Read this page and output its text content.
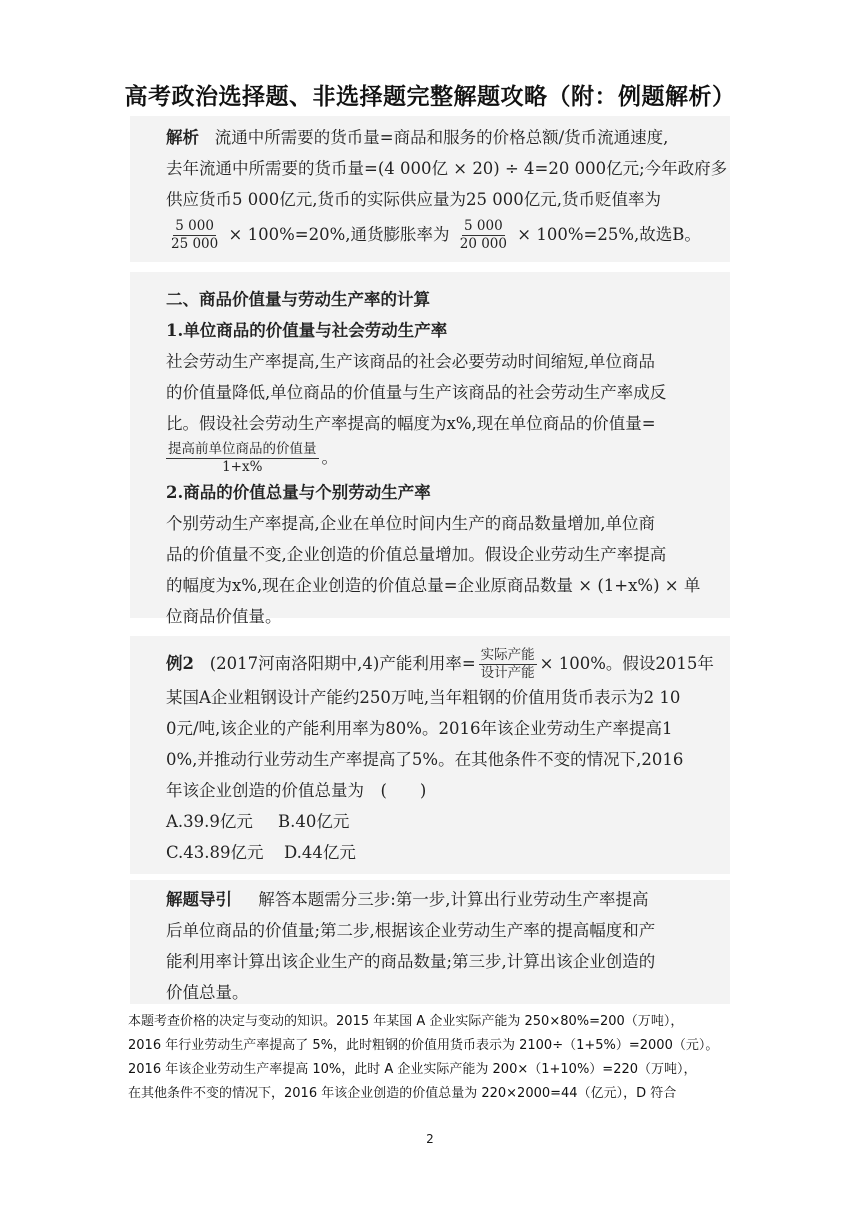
高考政治选择题、非选择题完整解题攻略（附：例题解析）
解析 流通中所需要的货币量=商品和服务的价格总额/货币流通速度,
去年流通中所需要的货币量=(4 000亿 × 20) ÷ 4=20 000亿元;今年政府多
供应货币5 000亿元,货币的实际供应量为25 000亿元,货币贬值率为
$\frac{5 000}{25 000} \times 100\%=20\%$,通货膨胀率为 $\frac{5 000}{20 000} \times 100\%=25\%$,故选B。
二、商品价值量与劳动生产率的计算
1.单位商品的价值量与社会劳动生产率
社会劳动生产率提高,生产该商品的社会必要劳动时间缩短,单位商品
的价值量降低,单位商品的价值量与生产该商品的社会劳动生产率成反
比。假设社会劳动生产率提高的幅度为x%,现在单位商品的价值量=
$\frac{\text{提高前单位商品的价值量}}{1+x\%}$ 。
2.商品的价值总量与个别劳动生产率
个别劳动生产率提高,企业在单位时间内生产的商品数量增加,单位商
品的价值量不变,企业创造的价值总量增加。假设企业劳动生产率提高
的幅度为x%,现在企业创造的价值总量=企业原商品数量 × (1+x%) × 单
位商品价值量。
例2 (2017河南洛阳期中,4)产能利用率= $\frac{\text{实际产能}}{\text{设计产能}} \times 100\%$。假设2015年
某国A企业粗钢设计产能约250万吨,当年粗钢的价值用货币表示为2 10
0元/吨,该企业的产能利用率为80%。2016年该企业劳动生产率提高1
0%,并推动行业劳动生产率提高了5%。在其他条件不变的情况下,2016
年该企业创造的价值总量为　(　　)
A.39.9亿元 B.40亿元
C.43.89亿元 D.44亿元
解题导引 解答本题需分三步:第一步,计算出行业劳动生产率提高
后单位商品的价值量;第二步,根据该企业劳动生产率的提高幅度和产
能利用率计算出该企业生产的商品数量;第三步,计算出该企业创造的
价值总量。
本题考查价格的决定与变动的知识。2015 年某国 A 企业实际产能为 250×80%=200（万吨），
2016 年行业劳动生产率提高了 5%，此时粗钢的价值用货币表示为 2100÷（1+5%）=2000（元）。
2016 年该企业劳动生产率提高 10%，此时 A 企业实际产能为 200×（1+10%）=220（万吨），
在其他条件不变的情况下，2016 年该企业创造的价值总量为 220×2000=44（亿元），D 符合
2
